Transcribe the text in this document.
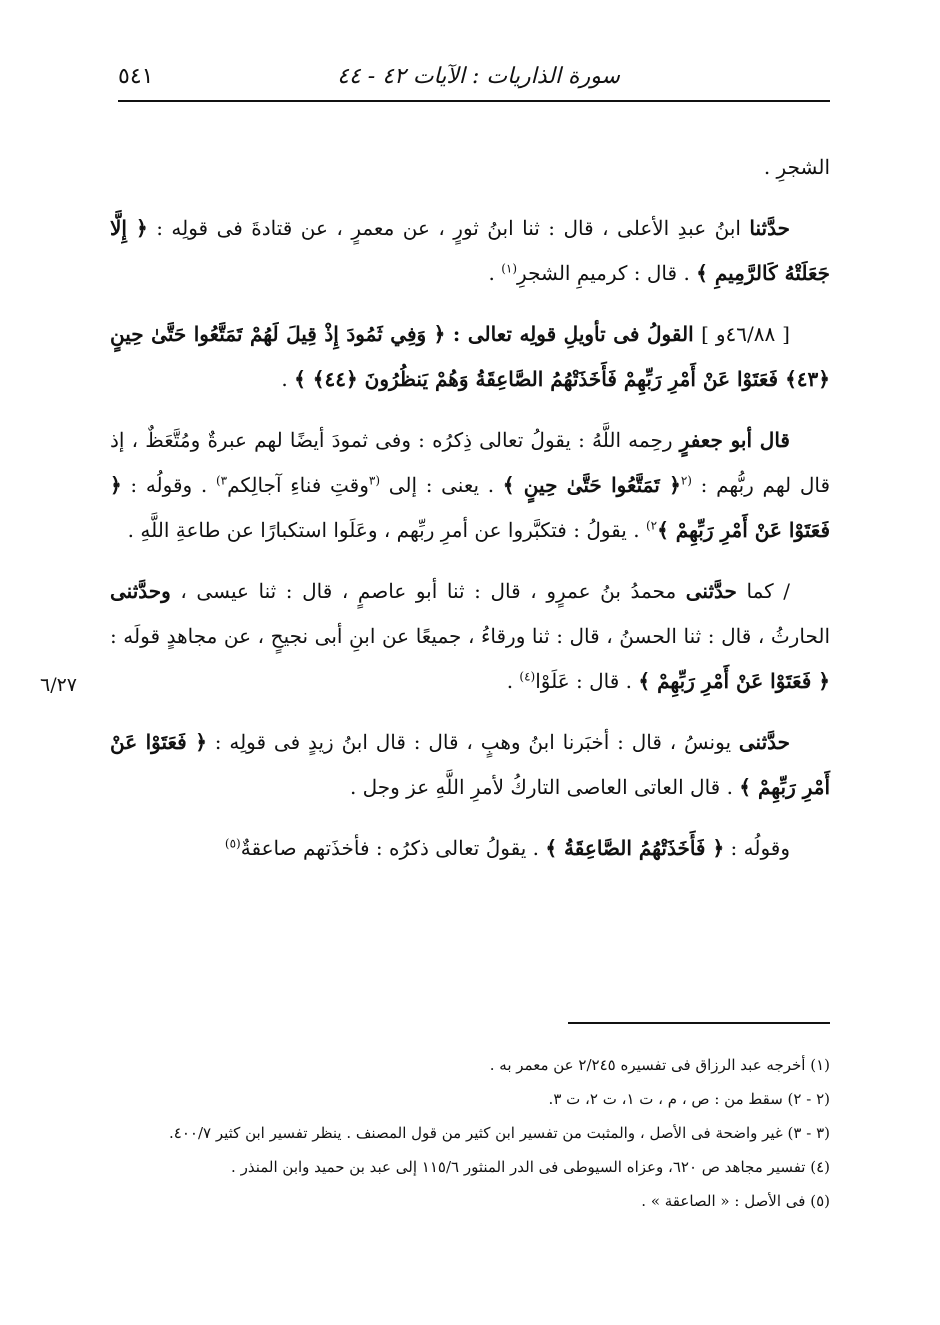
سورة الذاريات : الآيات ٤٢ - ٤٤
٥٤١
٦/٢٧

الشجرِ .

حدَّثنا ابنُ عبدِ الأعلى ، قال : ثنا ابنُ ثورٍ ، عن معمرٍ ، عن قتادةَ فى قولِه : ﴿ إِلَّا جَعَلَتْهُ كَالرَّمِيمِ ﴾ . قال : كرميمِ الشجرِ$^{(١)}$ .

[ ٤٦/٨٨و ] القولُ فى تأويلِ قولِه تعالى : ﴿ وَفِي ثَمُودَ إِذْ قِيلَ لَهُمْ تَمَتَّعُوا حَتَّىٰ حِينٍ ﴿٤٣﴾ فَعَتَوْا عَنْ أَمْرِ رَبِّهِمْ فَأَخَذَتْهُمُ الصَّاعِقَةُ وَهُمْ يَنظُرُونَ ﴿٤٤﴾ ﴾ .

قال أبو جعفرٍ رحِمه اللَّهُ : يقولُ تعالى ذِكرُه : وفى ثمودَ أيضًا لهم عبرةٌ ومُتَّعَظٌ ، إذ قال لهم ربُّهم : $^{(٢}$﴿ تَمَتَّعُوا حَتَّىٰ حِينٍ ﴾ . يعنى : إلى $^{(٣}$وقتِ فناءِ آجالِكم$^{٣)}$ . وقولُه : ﴿ فَعَتَوْا عَنْ أَمْرِ رَبِّهِمْ ﴾$^{٢)}$ . يقولُ : فتكبَّروا عن أمرِ ربِّهم ، وعَلَوا استكبارًا عن طاعةِ اللَّهِ .

/ كما حدَّثنى محمدُ بنُ عمرٍو ، قال : ثنا أبو عاصمٍ ، قال : ثنا عيسى ، وحدَّثنى الحارثُ ، قال : ثنا الحسنُ ، قال : ثنا ورقاءُ ، جميعًا عن ابنِ أبى نجيحٍ ، عن مجاهدٍ قولَه : ﴿ فَعَتَوْا عَنْ أَمْرِ رَبِّهِمْ ﴾ . قال : عَلَوْا$^{(٤)}$ .

حدَّثنى يونسُ ، قال : أخبَرنا ابنُ وهبٍ ، قال : قال ابنُ زيدٍ فى قولِه : ﴿ فَعَتَوْا عَنْ أَمْرِ رَبِّهِمْ ﴾ . قال العاتى العاصى التاركُ لأمرِ اللَّهِ عز وجل .

وقولُه : ﴿ فَأَخَذَتْهُمُ الصَّاعِقَةُ ﴾ . يقولُ تعالى ذكرُه : فأخذَتهم صاعقةٌ$^{(٥)}$

(١) أخرجه عبد الرزاق فى تفسيره ٢/٢٤٥ عن معمر به .
(٢ - ٢) سقط من : ص ، م ، ت ١، ت ٢، ت ٣.
(٣ - ٣) غير واضحة فى الأصل ، والمثبت من تفسير ابن كثير من قول المصنف . ينظر تفسير ابن كثير ٤٠٠/٧.
(٤) تفسير مجاهد ص ٦٢٠، وعزاه السيوطى فى الدر المنثور ١١٥/٦ إلى عبد بن حميد وابن المنذر .
(٥) فى الأصل : « الصاعقة » .
